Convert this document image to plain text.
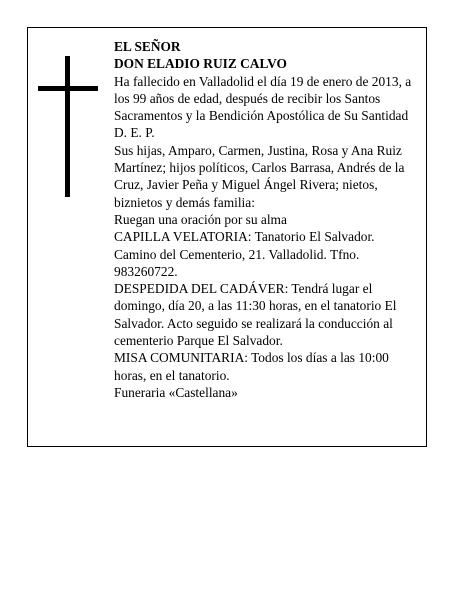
EL SEÑOR

DON ELADIO RUIZ CALVO

Ha fallecido en Valladolid el día 19 de enero de 2013, a los 99 años de edad, después de recibir los Santos Sacramentos y la Bendición Apostólica de Su Santidad D. E. P.

Sus hijas, Amparo, Carmen, Justina, Rosa y Ana Ruiz Martínez; hijos políticos, Carlos Barrasa, Andrés de la Cruz, Javier Peña y Miguel Ángel Rivera; nietos, biznietos y demás familia:

Ruegan una oración por su alma

CAPILLA VELATORIA: Tanatorio El Salvador. Camino del Cementerio, 21. Valladolid. Tfno. 983260722.

DESPEDIDA DEL CADÁVER: Tendrá lugar el domingo, día 20, a las 11:30 horas, en el tanatorio El Salvador. Acto seguido se realizará la conducción al cementerio Parque El Salvador.

MISA COMUNITARIA: Todos los días a las 10:00 horas, en el tanatorio.

Funeraria «Castellana»
